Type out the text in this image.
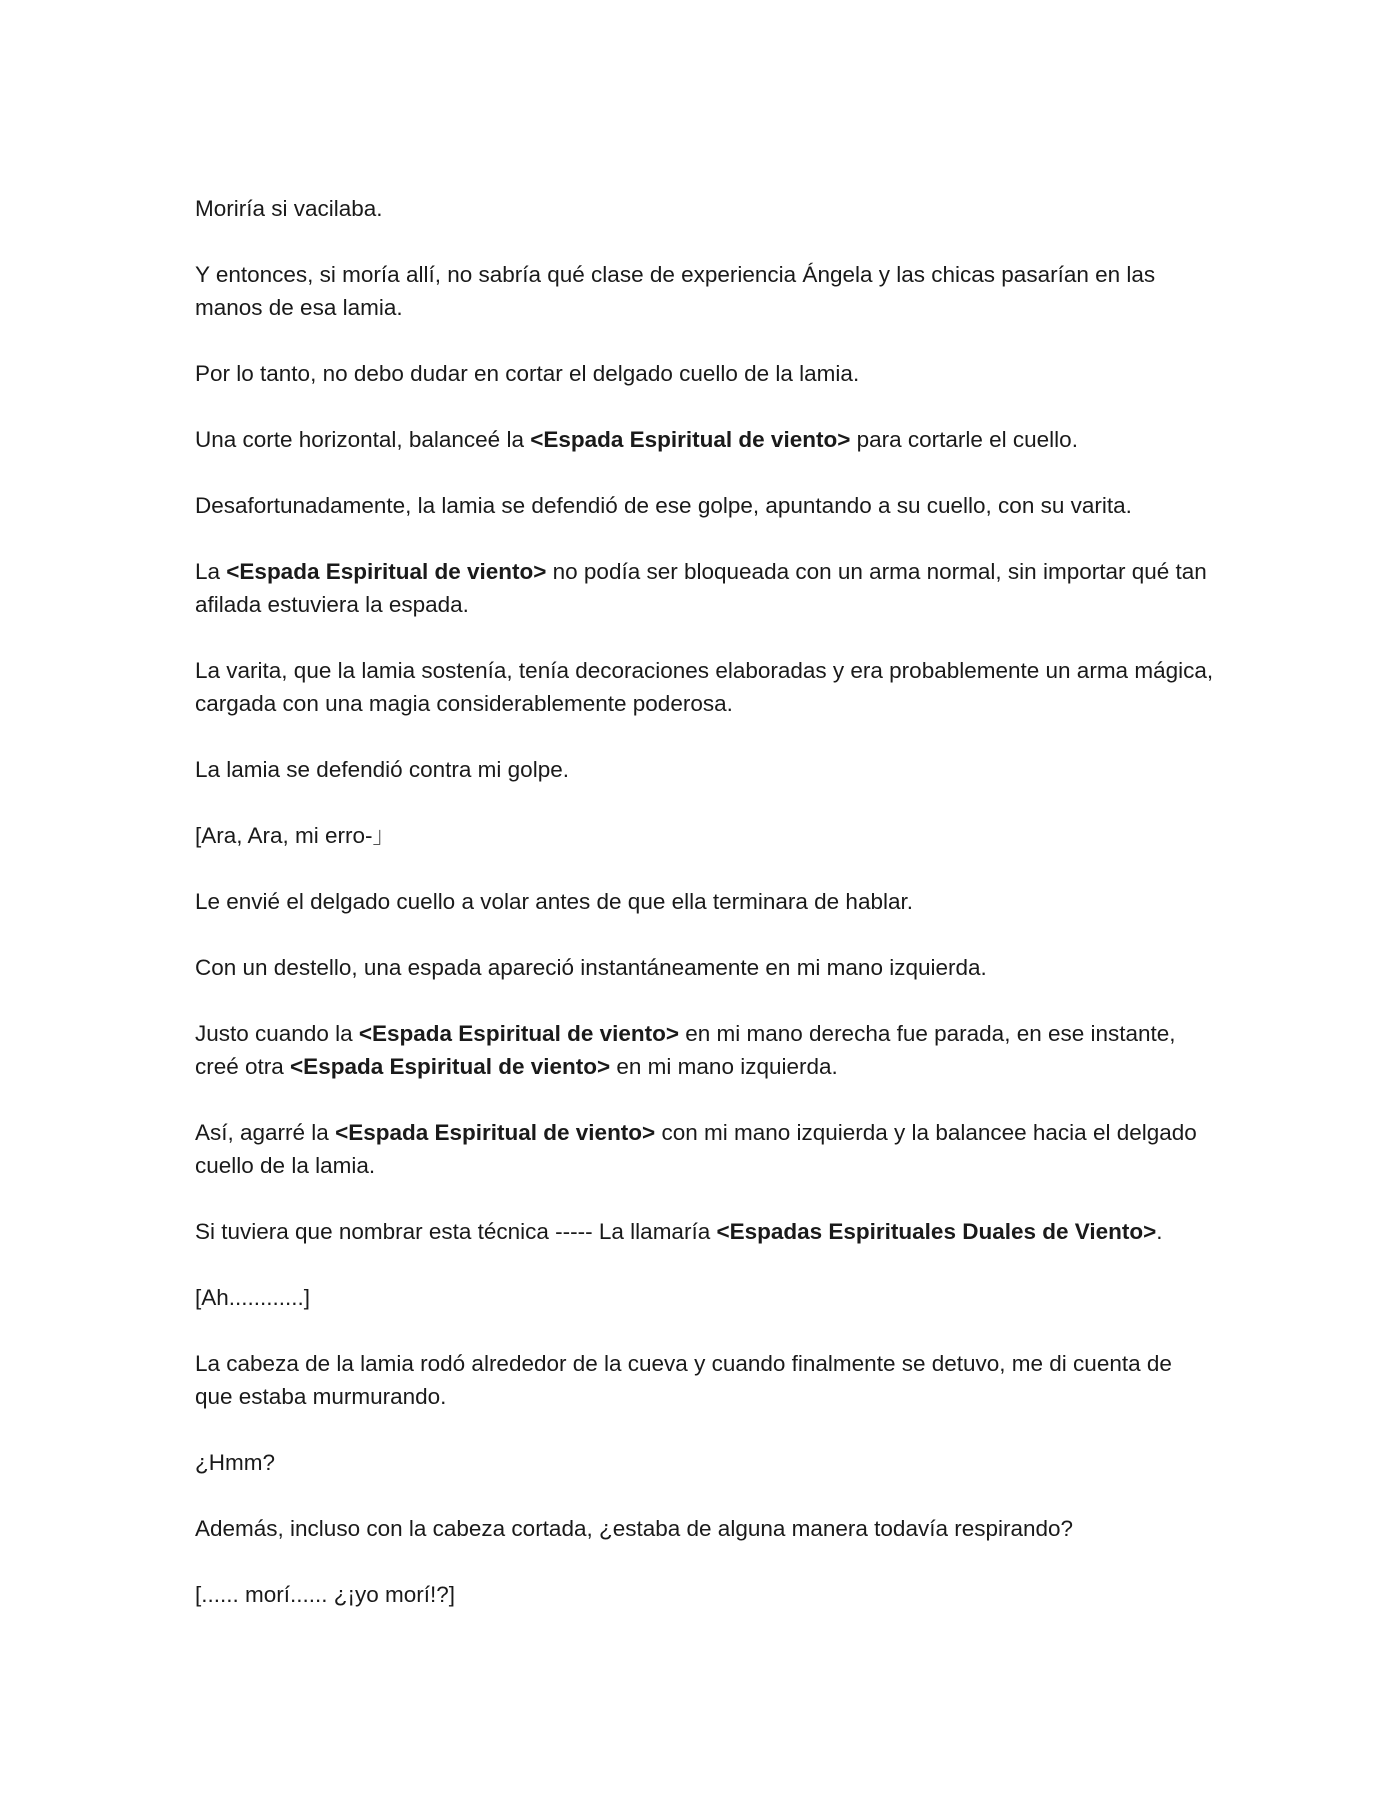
Moriría si vacilaba.

Y entonces, si moría allí, no sabría qué clase de experiencia Ángela y las chicas pasarían en las manos de esa lamia.

Por lo tanto, no debo dudar en cortar el delgado cuello de la lamia.

Una corte horizontal, balanceé la <Espada Espiritual de viento> para cortarle el cuello.

Desafortunadamente, la lamia se defendió de ese golpe, apuntando a su cuello, con su varita.

La <Espada Espiritual de viento> no podía ser bloqueada con un arma normal, sin importar qué tan afilada estuviera la espada.

La varita, que la lamia sostenía, tenía decoraciones elaboradas y era probablemente un arma mágica, cargada con una magia considerablemente poderosa.

La lamia se defendió contra mi golpe.

[Ara, Ara, mi erro-」

Le envié el delgado cuello a volar antes de que ella terminara de hablar.

Con un destello, una espada apareció instantáneamente en mi mano izquierda.

Justo cuando la <Espada Espiritual de viento> en mi mano derecha fue parada, en ese instante, creé otra <Espada Espiritual de viento> en mi mano izquierda.

Así, agarré la <Espada Espiritual de viento> con mi mano izquierda y la balancee hacia el delgado cuello de la lamia.

Si tuviera que nombrar esta técnica ----- La llamaría <Espadas Espirituales Duales de Viento>.

[Ah............]

La cabeza de la lamia rodó alrededor de la cueva y cuando finalmente se detuvo, me di cuenta de que estaba murmurando.

¿Hmm?

Además, incluso con la cabeza cortada, ¿estaba de alguna manera todavía respirando?

[...... morí...... ¿¡yo morí!?]
